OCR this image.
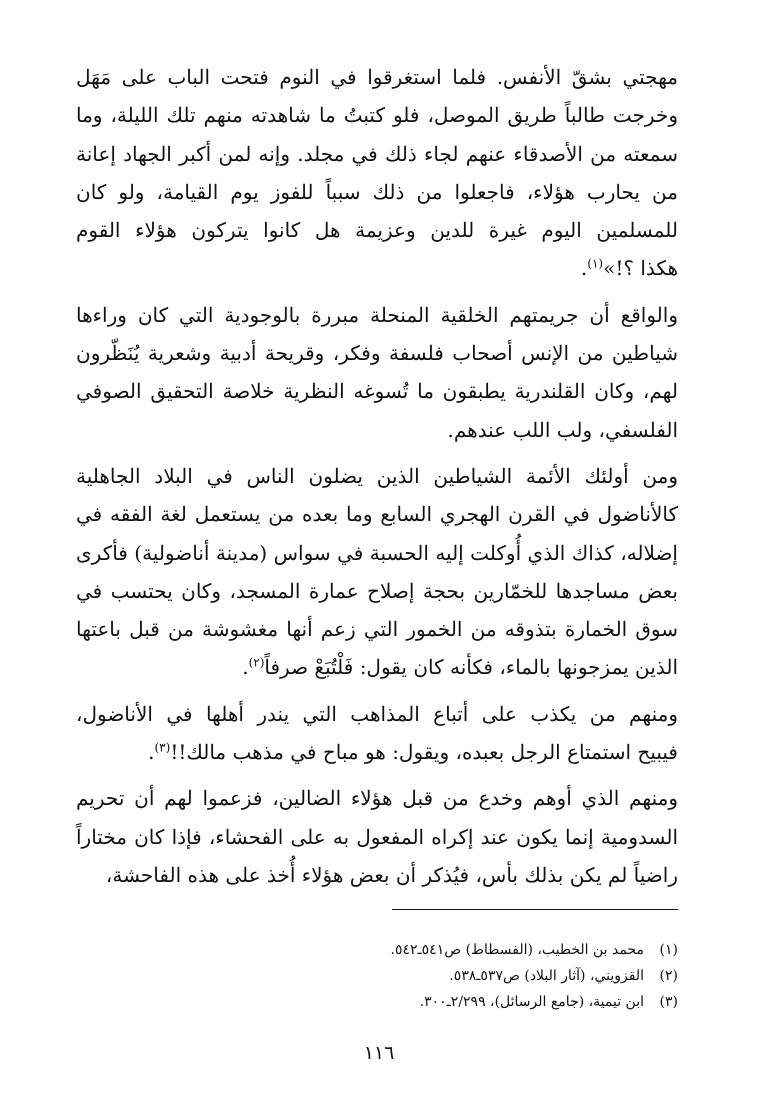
مهجتي بشقّ الأنفس. فلما استغرقوا في النوم فتحت الباب على مَهَل
وخرجت طالباً طريق الموصل، فلو كتبتُ ما شاهدته منهم تلك الليلة، وما
سمعته من الأصدقاء عنهم لجاء ذلك في مجلد. وإنه لمن أكبر الجهاد إعانة
من يحارب هؤلاء، فاجعلوا من ذلك سبباً للفوز يوم القيامة، ولو كان
للمسلمين اليوم غيرة للدين وعزيمة هل كانوا يتركون هؤلاء القوم
هكذا ؟!»$^{(١)}$.
والواقع أن جريمتهم الخلقية المنحلة مبررة بالوجودية التي كان وراءها
شياطين من الإنس أصحاب فلسفة وفكر، وقريحة أدبية وشعرية يُنَظّرون
لهم، وكان القلندرية يطبقون ما تُسوغه النظرية خلاصة التحقيق الصوفي
الفلسفي، ولب اللب عندهم.
ومن أولئك الأئمة الشياطين الذين يضلون الناس في البلاد الجاهلية
كالأناضول في القرن الهجري السابع وما بعده من يستعمل لغة الفقه في
إضلاله، كذاك الذي أُوكلت إليه الحسبة في سواس (مدينة أناضولية) فأكرى
بعض مساجدها للخمّارين بحجة إصلاح عمارة المسجد، وكان يحتسب في
سوق الخمارة بتذوقه من الخمور التي زعم أنها مغشوشة من قبل باعتها
الذين يمزجونها بالماء، فكأنه كان يقول: فَلْتُبَعْ صرفاً$^{(٢)}$.
ومنهم من يكذب على أتباع المذاهب التي يندر أهلها في الأناضول،
فيبيح استمتاع الرجل بعبده، ويقول: هو مباح في مذهب مالك!!$^{(٣)}$.
ومنهم الذي أوهم وخدع من قبل هؤلاء الضالين، فزعموا لهم أن تحريم
السدومية إنما يكون عند إكراه المفعول به على الفحشاء، فإذا كان مختاراً
راضياً لم يكن بذلك بأس، فيُذكر أن بعض هؤلاء أُخذ على هذه الفاحشة،
(١)محمد بن الخطيب، (الفسطاط) ص٥٤١ـ٥٤٢.
(٢)القزويني، (آثار البلاد) ص٥٣٧ـ٥٣٨.
(٣)ابن تيمية، (جامع الرسائل)، ٢/٢٩٩ـ٣٠٠.
١١٦
